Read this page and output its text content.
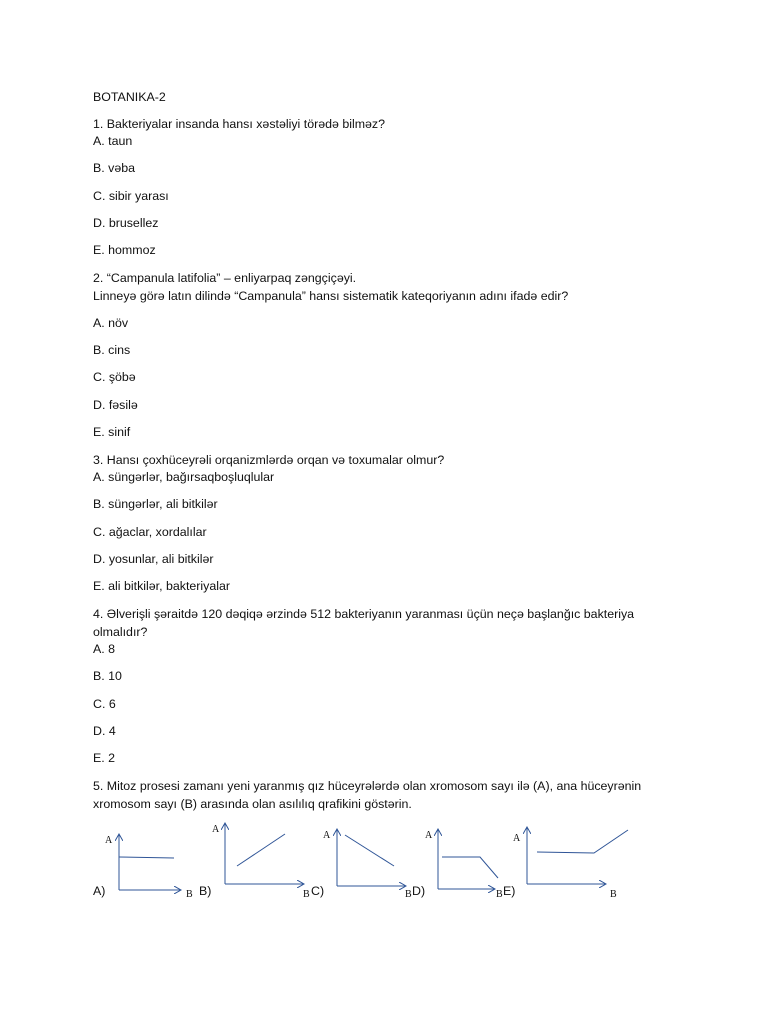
BOTANIKA-2
1. Bakteriyalar insanda hansı xəstəliyi törədə bilməz?
A. taun
B. vəba
C. sibir yarası
D. brusellez
E. hommoz
2. “Campanula latifolia” – enliyarpaq zəngçiçəyi.
Linneyə görə latın dilində “Campanula” hansı sistematik kateqoriyanın adını ifadə edir?
A. növ
B. cins
C. şöbə
D. fəsilə
E. sinif
3. Hansı çoxhüceyrəli orqanizmlərdə orqan və toxumalar olmur?
A. süngərlər, bağırsaqboşluqlular
B. süngərlər, ali bitkilər
C. ağaclar, xordalılar
D. yosunlar, ali bitkilər
E. ali bitkilər, bakteriyalar
4. Əlverişli şəraitdə 120 dəqiqə ərzində 512 bakteriyanın yaranması üçün neçə başlanğıc bakteriya
olmalıdır?
A. 8
B. 10
C. 6
D. 4
E. 2
5. Mitoz prosesi zamanı yeni yaranmış qız hüceyrələrdə olan xromosom sayı ilə (A), ana hüceyrənin
xromosom sayı (B) arasında olan asılılıq qrafikini göstərin.
A)	B)	C)	D)	E)
A
B
A
B
A
B
A
B
A
B
